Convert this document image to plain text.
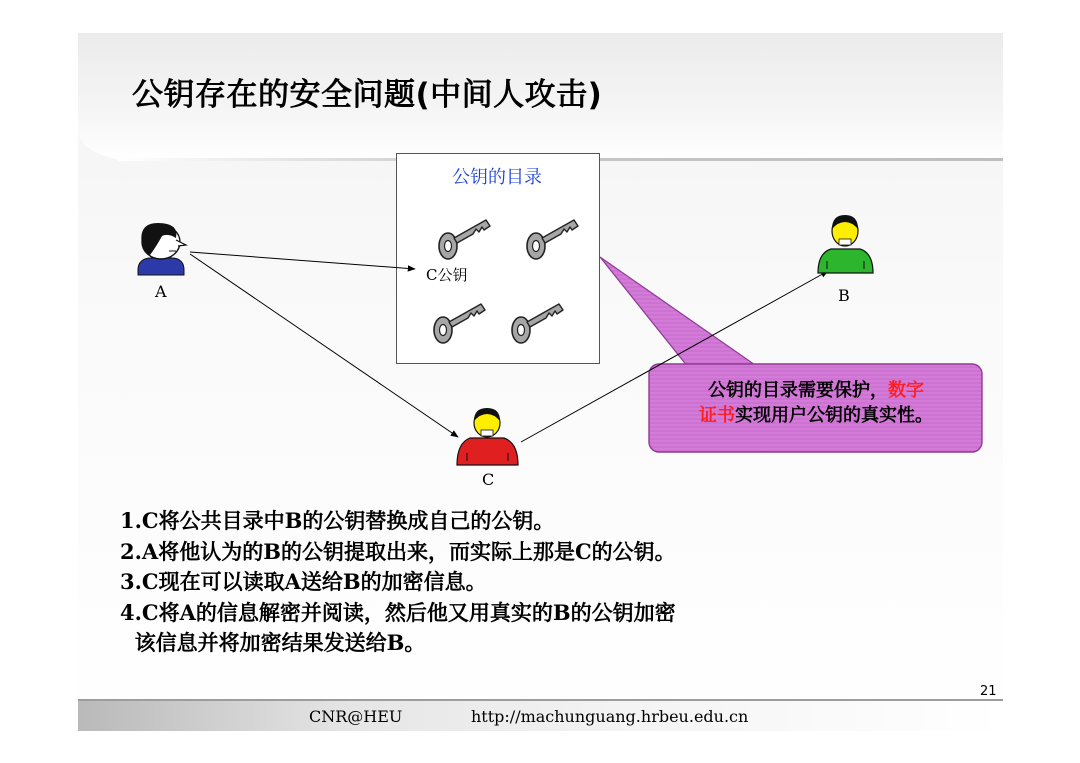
公钥存在的安全问题(中间人攻击)
公钥的目录
C公钥
A	B
C
公钥的目录需要保护，数字
证书实现用户公钥的真实性。
1.C将公共目录中B的公钥替换成自己的公钥。
2.A将他认为的B的公钥提取出来，而实际上那是C的公钥。
3.C现在可以读取A送给B的加密信息。
4.C将A的信息解密并阅读，然后他又用真实的B的公钥加密
该信息并将加密结果发送给B。
CNR@HEU	http://machunguang.hrbeu.edu.cn
21
